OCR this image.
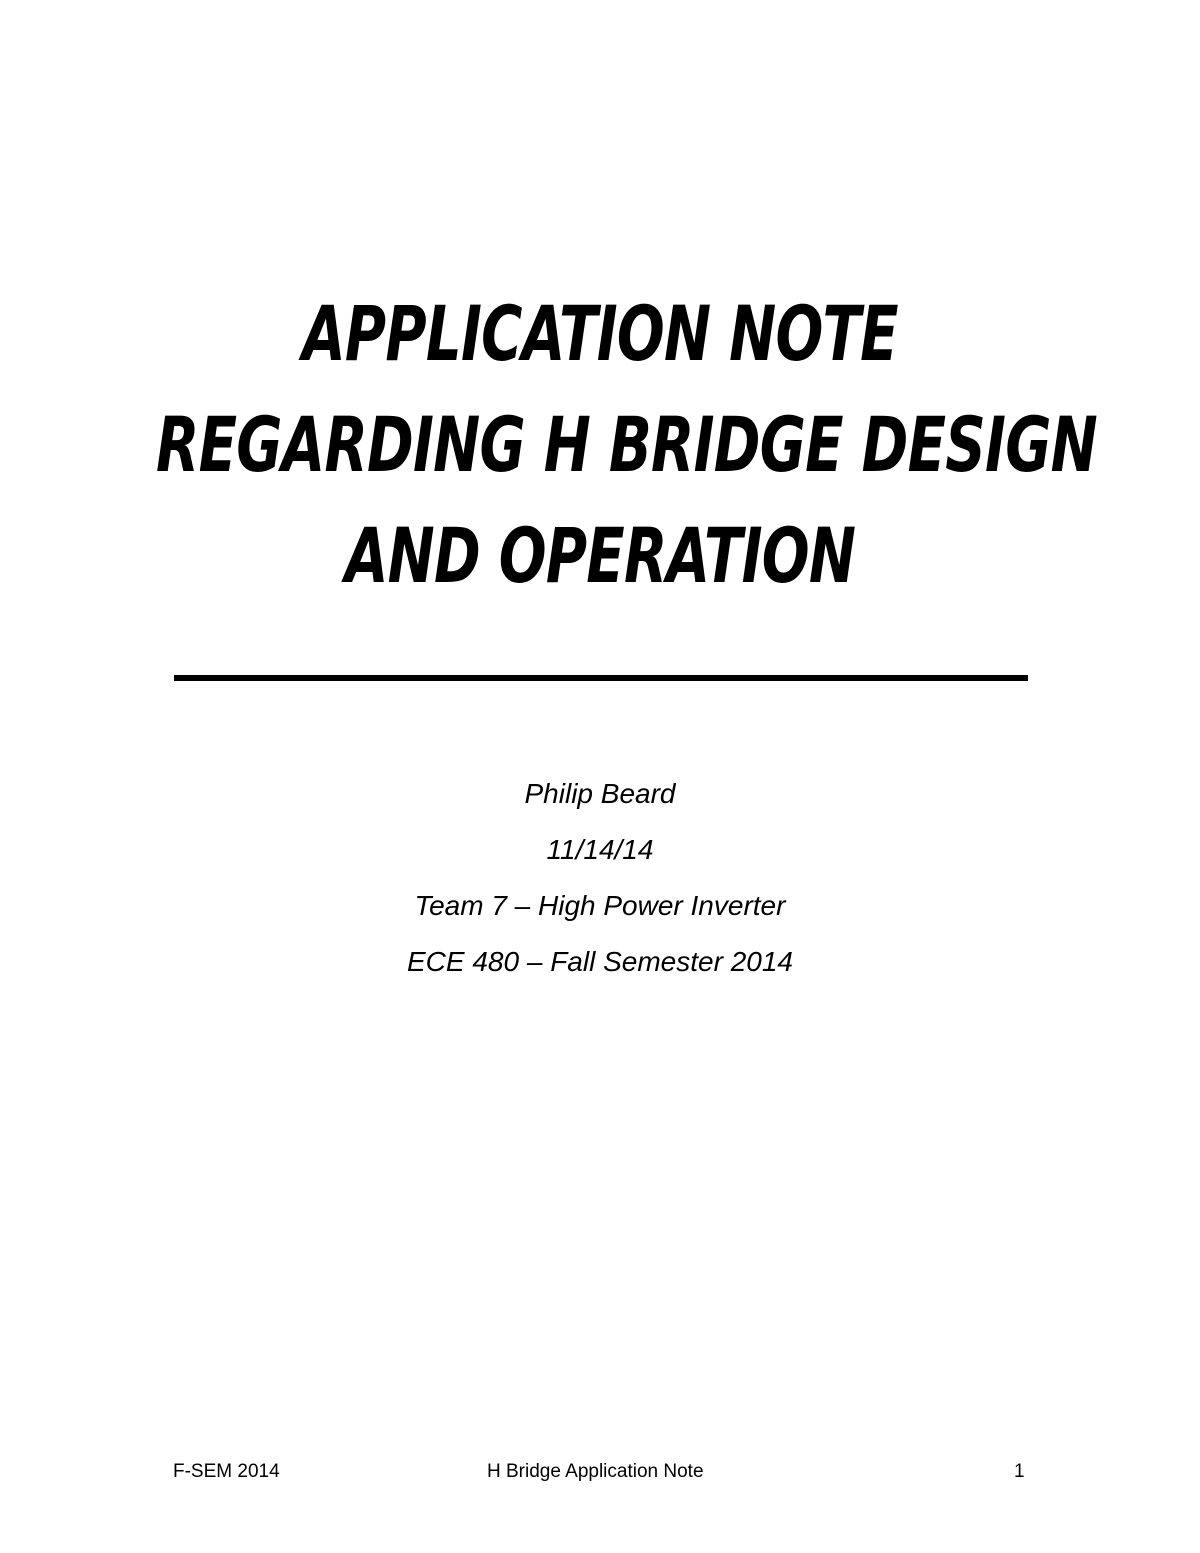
APPLICATION NOTE
REGARDING H BRIDGE DESIGN
AND OPERATION
Philip Beard
11/14/14
Team 7 – High Power Inverter
ECE 480 – Fall Semester 2014
F-SEM 2014	H Bridge Application Note	1
